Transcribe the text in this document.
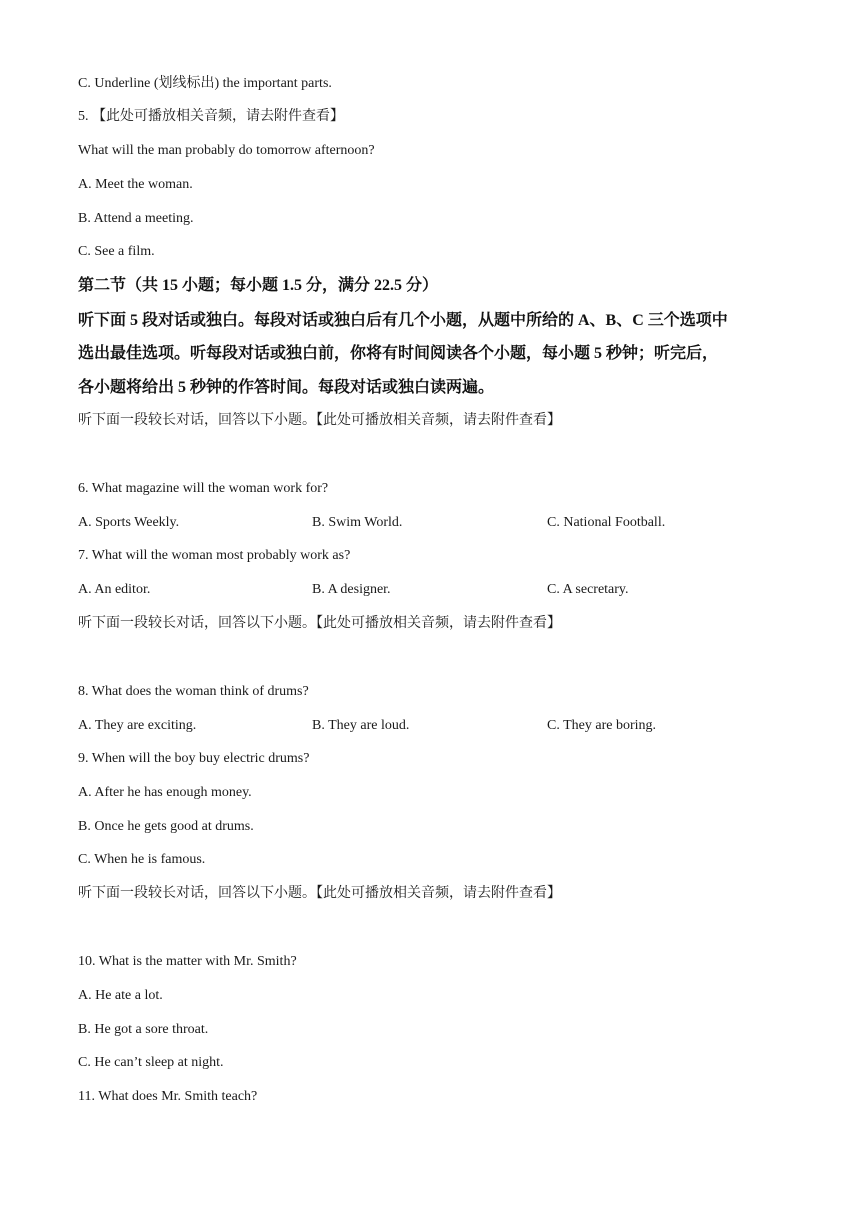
C. Underline (划线标出) the important parts.
5. 【此处可播放相关音频，请去附件查看】
What will the man probably do tomorrow afternoon?
A. Meet the woman.
B. Attend a meeting.
C. See a film.
第二节（共 15 小题；每小题 1.5 分，满分 22.5 分）
听下面 5 段对话或独白。每段对话或独白后有几个小题，从题中所给的 A、B、C 三个选项中
选出最佳选项。听每段对话或独白前，你将有时间阅读各个小题，每小题 5 秒钟；听完后，
各小题将给出 5 秒钟的作答时间。每段对话或独白读两遍。
听下面一段较长对话，回答以下小题。【此处可播放相关音频，请去附件查看】
6. What magazine will the woman work for?
A. Sports Weekly.	B. Swim World.	C. National Football.
7. What will the woman most probably work as?
A. An editor.	B. A designer.	C. A secretary.
听下面一段较长对话，回答以下小题。【此处可播放相关音频，请去附件查看】
8. What does the woman think of drums?
A. They are exciting.	B. They are loud.	C. They are boring.
9. When will the boy buy electric drums?
A. After he has enough money.
B. Once he gets good at drums.
C. When he is famous.
听下面一段较长对话，回答以下小题。【此处可播放相关音频，请去附件查看】
10. What is the matter with Mr. Smith?
A. He ate a lot.
B. He got a sore throat.
C. He can’t sleep at night.
11. What does Mr. Smith teach?
